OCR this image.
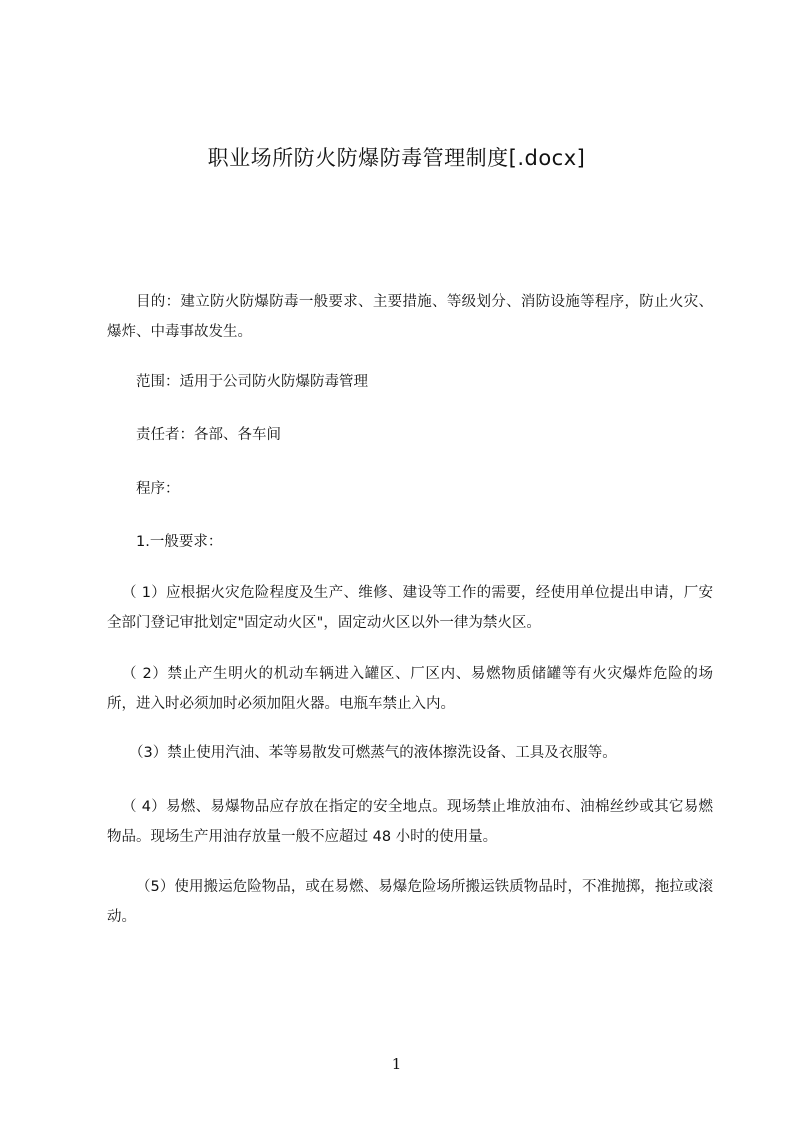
职业场所防火防爆防毒管理制度[.docx]
目的：建立防火防爆防毒一般要求、主要措施、等级划分、消防设施等程序，防止火灾、爆炸、中毒事故发生。
范围：适用于公司防火防爆防毒管理
责任者：各部、各车间
程序：
1.一般要求：
（ 1）应根据火灾危险程度及生产、维修、建设等工作的需要，经使用单位提出申请，厂安全部门登记审批划定"固定动火区"，固定动火区以外一律为禁火区。
（ 2）禁止产生明火的机动车辆进入罐区、厂区内、易燃物质储罐等有火灾爆炸危险的场所，进入时必须加时必须加阻火器。电瓶车禁止入内。
（3）禁止使用汽油、苯等易散发可燃蒸气的液体擦洗设备、工具及衣服等。
（ 4）易燃、易爆物品应存放在指定的安全地点。现场禁止堆放油布、油棉丝纱或其它易燃物品。现场生产用油存放量一般不应超过 48 小时的使用量。
（5）使用搬运危险物品，或在易燃、易爆危险场所搬运铁质物品时，不准抛掷，拖拉或滚动。
1
